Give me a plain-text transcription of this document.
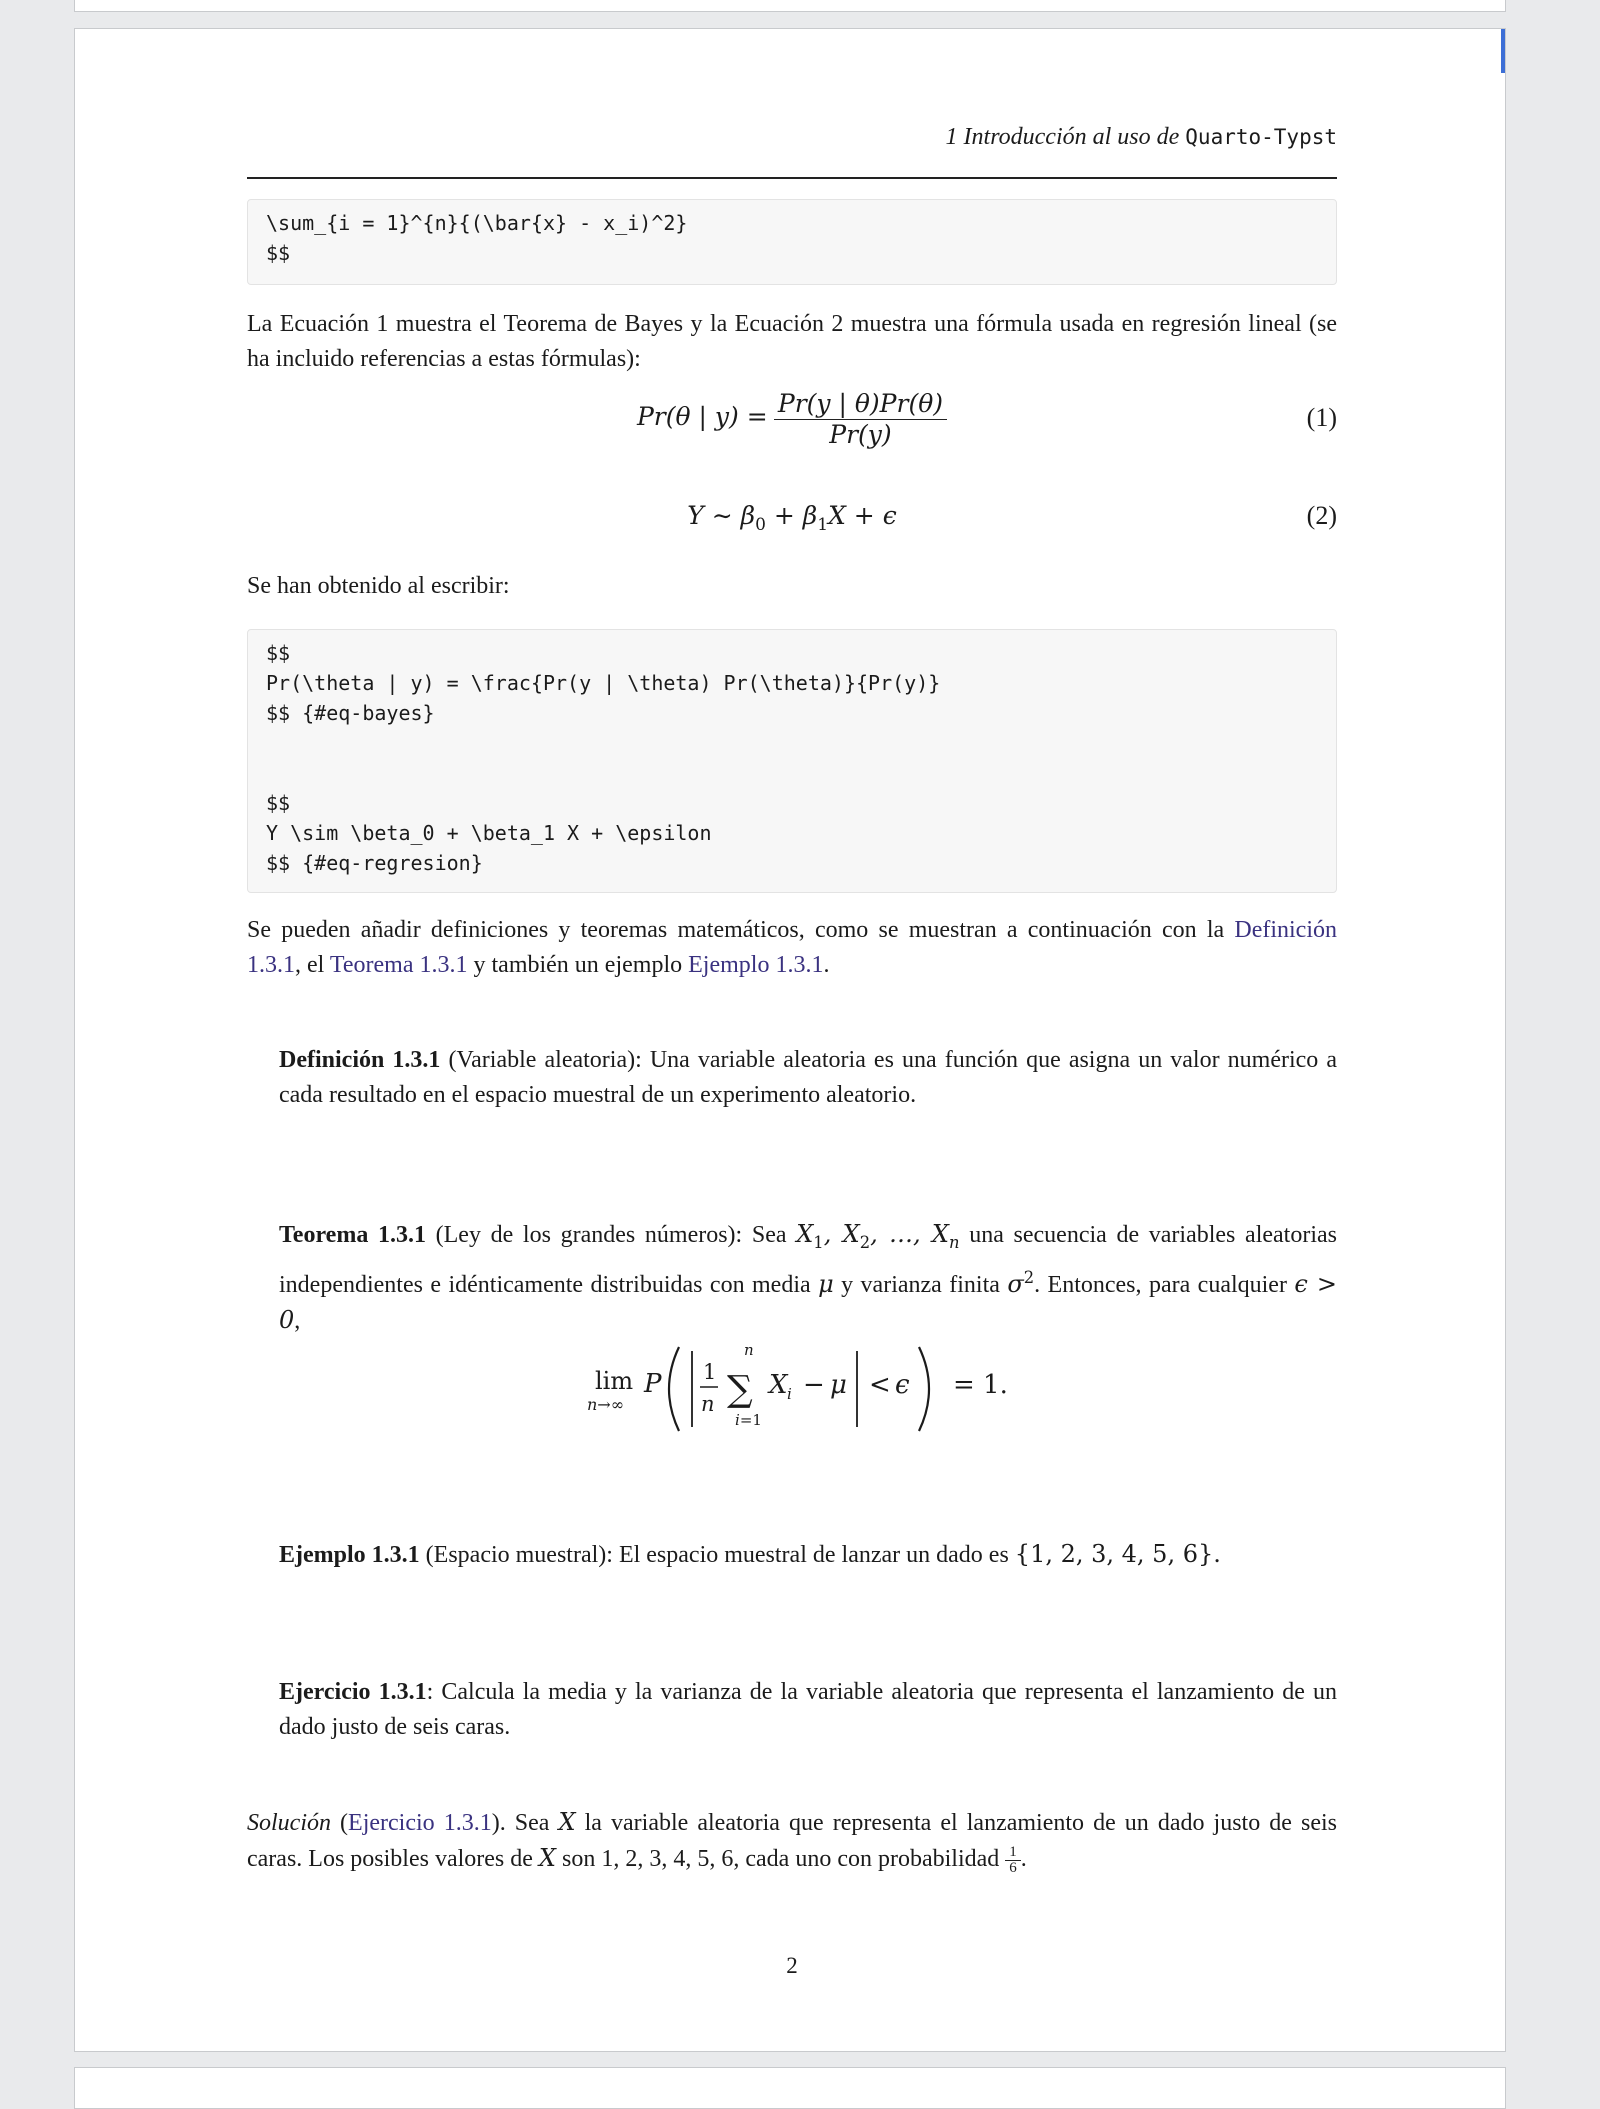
1 Introducción al uso de Quarto-Typst
\sum_{i = 1}^{n}{(\bar{x} - x_i)^2}
$$
La Ecuación 1 muestra el Teorema de Bayes y la Ecuación 2 muestra una fórmula usada en regresión lineal (se ha incluido referencias a estas fórmulas):
Pr(θ | $y) = \frac{Pr(y | \theta)Pr(\theta)}{Pr(y)}$	(1)
Y ∼ $\beta_0 + \beta_1X + \epsilon$	(2)
Se han obtenido al escribir:
$$
Pr(\theta | y) = \frac{Pr(y | \theta) Pr(\theta)}{Pr(y)}
$$ {#eq-bayes}
$$
Y \sim \beta_0 + \beta_1 X + \epsilon
$$ {#eq-regresion}
Se pueden añadir definiciones y teoremas matemáticos, como se muestran a continuación con la Definición 1.3.1, el Teorema 1.3.1 y también un ejemplo Ejemplo 1.3.1.
Definición 1.3.1 (Variable aleatoria): Una variable aleatoria es una función que asigna un valor numérico a cada resultado en el espacio muestral de un experimento aleatorio.
Teorema 1.3.1 (Ley de los grandes números): Sea $X_1$, $X_2$, …, $X_n$ una secuencia de variables aleatorias independientes e idénticamente distribuidas con media μ y varianza finita $\sigma^2$. Entonces, para cualquier ϵ > 0,
lim
n→∞
P 1
n
n
∑
i=1
X i − μ < ϵ = 1.
Ejemplo 1.3.1 (Espacio muestral): El espacio muestral de lanzar un dado es {1, 2, 3, 4, 5, 6}.
Ejercicio 1.3.1: Calcula la media y la varianza de la variable aleatoria que representa el lanzamiento de un dado justo de seis caras.
Solución (Ejercicio 1.3.1). Sea X la variable aleatoria que representa el lanzamiento de un dado justo de seis caras. Los posibles valores de X son 1, 2, 3, 4, 5, 6, cada uno con probabilidad $\frac{1}{6}$ .
2
